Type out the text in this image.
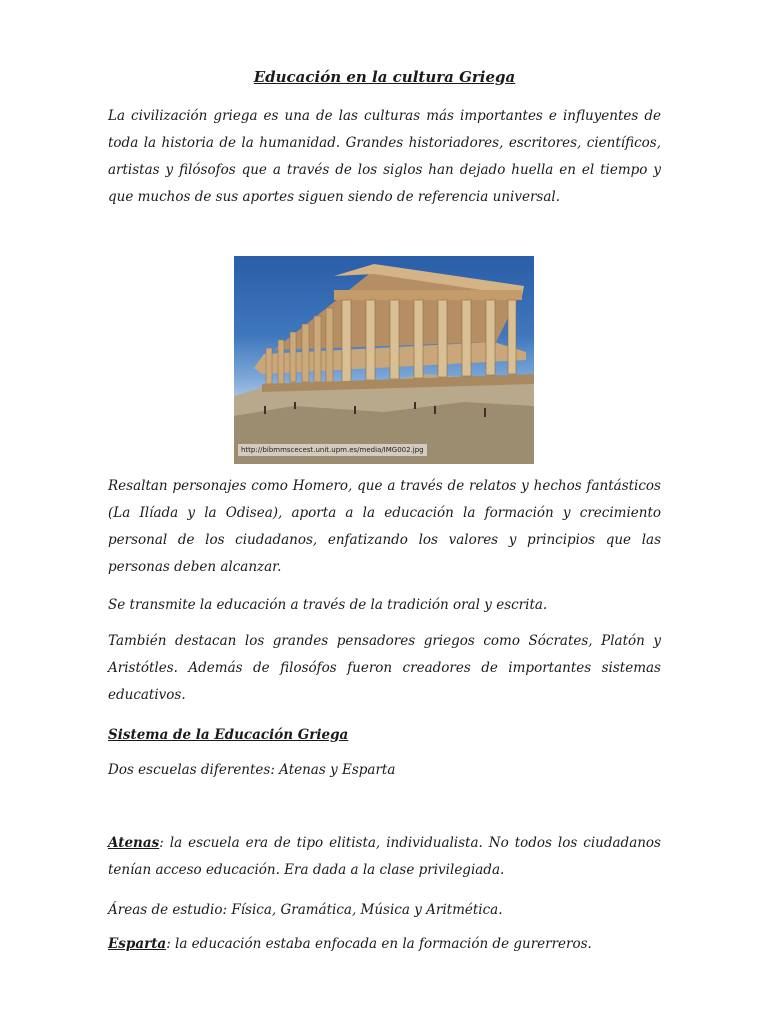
Educación en la cultura Griega

La civilización griega es una de las culturas más importantes e influyentes de toda la historia de la humanidad. Grandes historiadores, escritores, científicos, artistas y filósofos que a través de los siglos han dejado huella en el tiempo y que muchos de sus aportes siguen siendo de referencia universal.

http://bibmmscecest.unit.upm.es/media/IMG002.jpg

Resaltan personajes como Homero, que a través de relatos y hechos fantásticos (La Ilíada y la Odisea), aporta a la educación la formación y crecimiento personal de los ciudadanos, enfatizando los valores y principios que las personas deben alcanzar.

Se transmite la educación a través de la tradición oral y escrita.

También destacan los grandes pensadores griegos como Sócrates, Platón y Aristótles. Además de filosófos fueron creadores de importantes sistemas educativos.

Sistema de la Educación Griega

Dos escuelas diferentes: Atenas y Esparta

Atenas: la escuela era de tipo elitista, individualista. No todos los ciudadanos tenían acceso educación. Era dada a la clase privilegiada.

Áreas de estudio: Física, Gramática, Música y Aritmética.

Esparta: la educación estaba enfocada en la formación de gurerreros.
